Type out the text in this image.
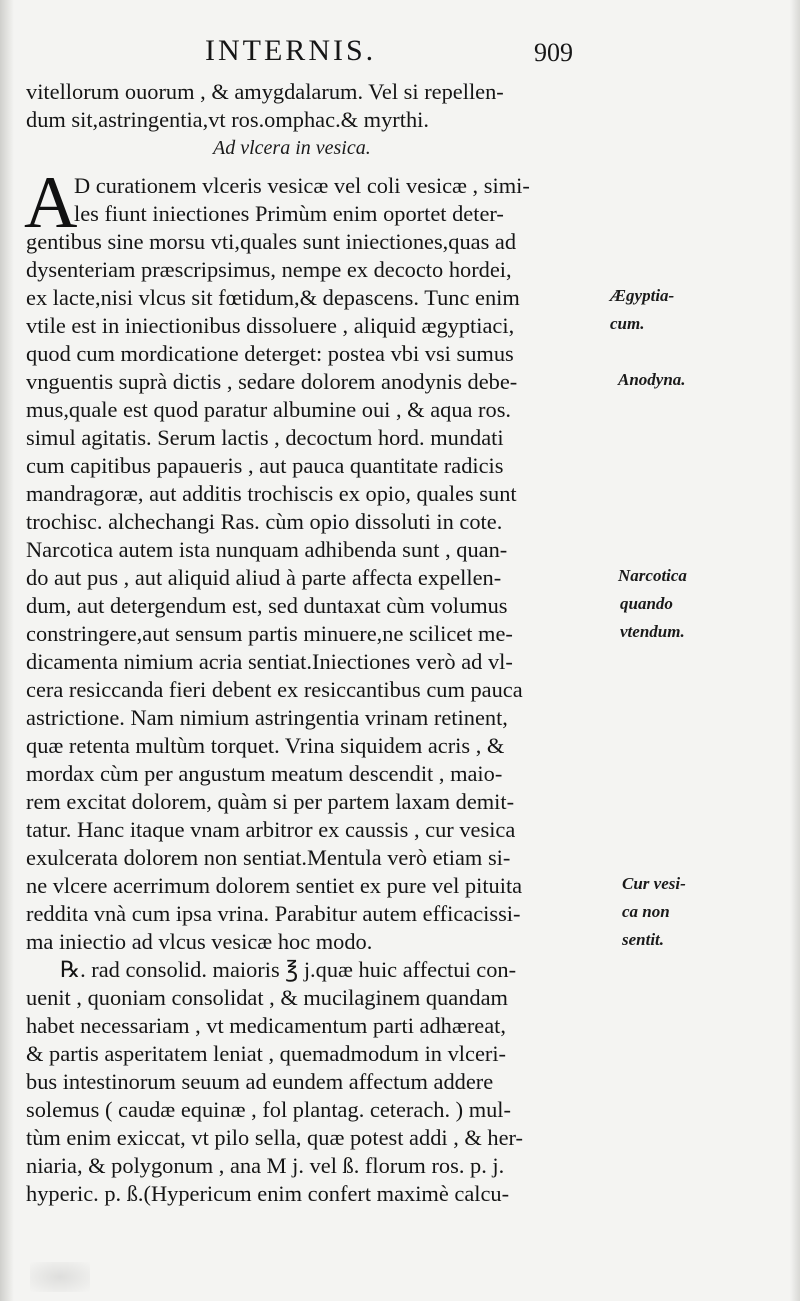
INTERNIS.	909
Ad vlcera in vesica.
A
vitellorum ouorum , & amygdalarum. Vel si repellen-
dum sit,astringentia,vt ros.omphac.& myrthi.
D curationem vlceris vesicæ vel coli vesicæ , simi-
les fiunt iniectiones Primùm enim oportet deter-
gentibus sine morsu vti,quales sunt iniectiones,quas ad
dysenteriam præscripsimus, nempe ex decocto hordei,
ex lacte,nisi vlcus sit fœtidum,& depascens. Tunc enim
vtile est in iniectionibus dissoluere , aliquid ægyptiaci,
quod cum mordicatione deterget: postea vbi vsi sumus
vnguentis suprà dictis , sedare dolorem anodynis debe-
mus,quale est quod paratur albumine oui , & aqua ros.
simul agitatis. Serum lactis , decoctum hord. mundati
cum capitibus papaueris , aut pauca quantitate radicis
mandragoræ, aut additis trochiscis ex opio, quales sunt
trochisc. alchechangi Ras. cùm opio dissoluti in cote.
Narcotica autem ista nunquam adhibenda sunt , quan-
do aut pus , aut aliquid aliud à parte affecta expellen-
dum, aut detergendum est, sed duntaxat cùm volumus
constringere,aut sensum partis minuere,ne scilicet me-
dicamenta nimium acria sentiat.Iniectiones verò ad vl-
cera resiccanda fieri debent ex resiccantibus cum pauca
astrictione. Nam nimium astringentia vrinam retinent,
quæ retenta multùm torquet. Vrina siquidem acris , &
mordax cùm per angustum meatum descendit , maio-
rem excitat dolorem, quàm si per partem laxam demit-
tatur. Hanc itaque vnam arbitror ex caussis , cur vesica
exulcerata dolorem non sentiat.Mentula verò etiam si-
ne vlcere acerrimum dolorem sentiet ex pure vel pituita
reddita vnà cum ipsa vrina. Parabitur autem efficacissi-
ma iniectio ad vlcus vesicæ hoc modo.
℞. rad consolid. maioris ℥ j.quæ huic affectui con-
uenit , quoniam consolidat , & mucilaginem quandam
habet necessariam , vt medicamentum parti adhæreat,
& partis asperitatem leniat , quemadmodum in vlceri-
bus intestinorum seuum ad eundem affectum addere
solemus ( caudæ equinæ , fol plantag. ceterach. ) mul-
tùm enim exiccat, vt pilo sella, quæ potest addi , & her-
niaria, & polygonum , ana M j. vel ß. florum ros. p. j.
hyperic. p. ß.(Hypericum enim confert maximè calcu-
Ægyptia-
cum.
Anodyna.
Narcotica
quando
vtendum.
Cur vesi-
ca non
sentit.
